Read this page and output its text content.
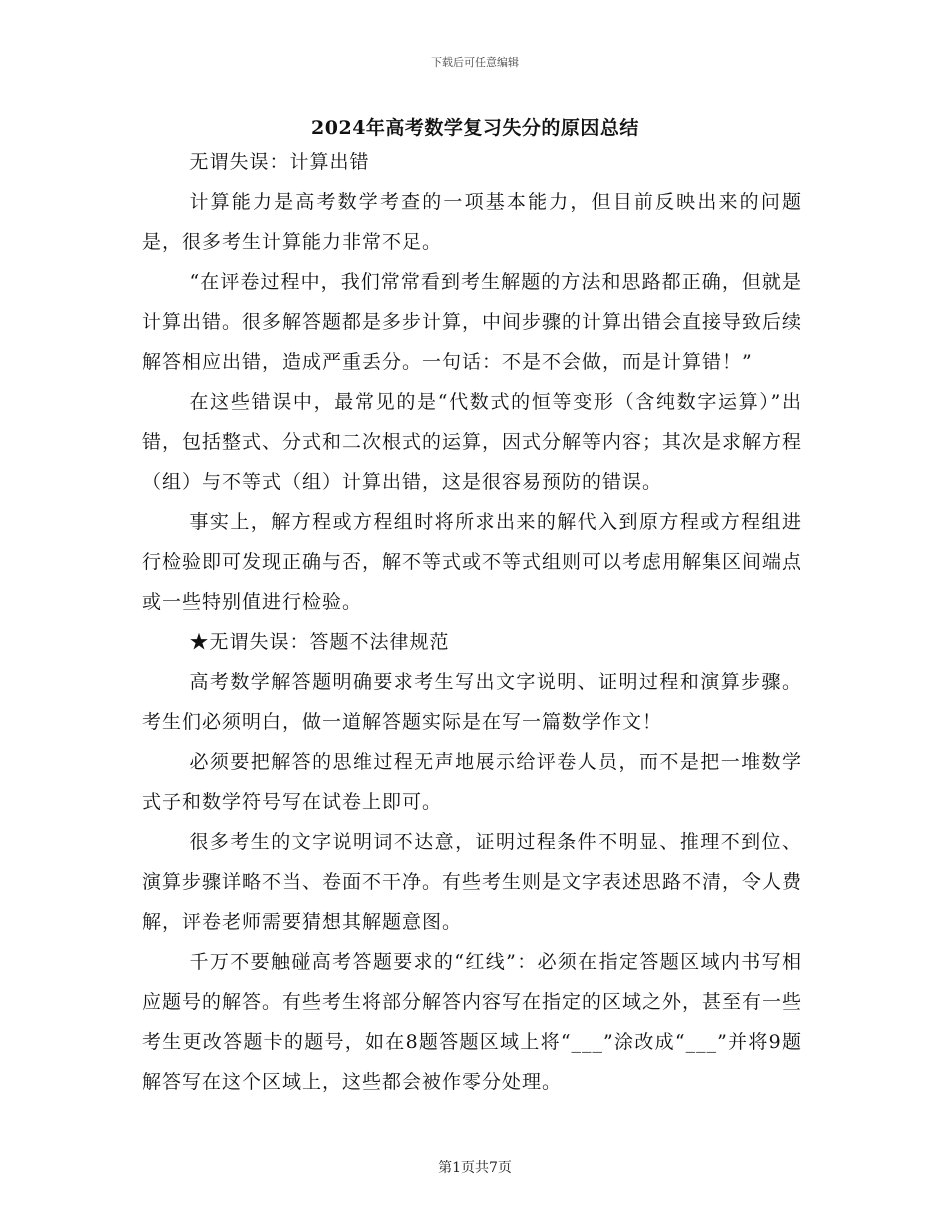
下载后可任意编辑
2024年高考数学复习失分的原因总结

无谓失误：计算出错

计算能力是高考数学考查的一项基本能力，但目前反映出来的问题是，很多考生计算能力非常不足。

“在评卷过程中，我们常常看到考生解题的方法和思路都正确，但就是计算出错。很多解答题都是多步计算，中间步骤的计算出错会直接导致后续解答相应出错，造成严重丢分。一句话：不是不会做，而是计算错！”

在这些错误中，最常见的是“代数式的恒等变形（含纯数字运算）”出错，包括整式、分式和二次根式的运算，因式分解等内容；其次是求解方程（组）与不等式（组）计算出错，这是很容易预防的错误。

事实上，解方程或方程组时将所求出来的解代入到原方程或方程组进行检验即可发现正确与否，解不等式或不等式组则可以考虑用解集区间端点或一些特别值进行检验。

★无谓失误：答题不法律规范

高考数学解答题明确要求考生写出文字说明、证明过程和演算步骤。考生们必须明白，做一道解答题实际是在写一篇数学作文！

必须要把解答的思维过程无声地展示给评卷人员，而不是把一堆数学式子和数学符号写在试卷上即可。

很多考生的文字说明词不达意，证明过程条件不明显、推理不到位、演算步骤详略不当、卷面不干净。有些考生则是文字表述思路不清，令人费解，评卷老师需要猜想其解题意图。

千万不要触碰高考答题要求的“红线”：必须在指定答题区域内书写相应题号的解答。有些考生将部分解答内容写在指定的区域之外，甚至有一些考生更改答题卡的题号，如在8题答题区域上将“___”涂改成“___”并将9题解答写在这个区域上，这些都会被作零分处理。

第1页共7页
